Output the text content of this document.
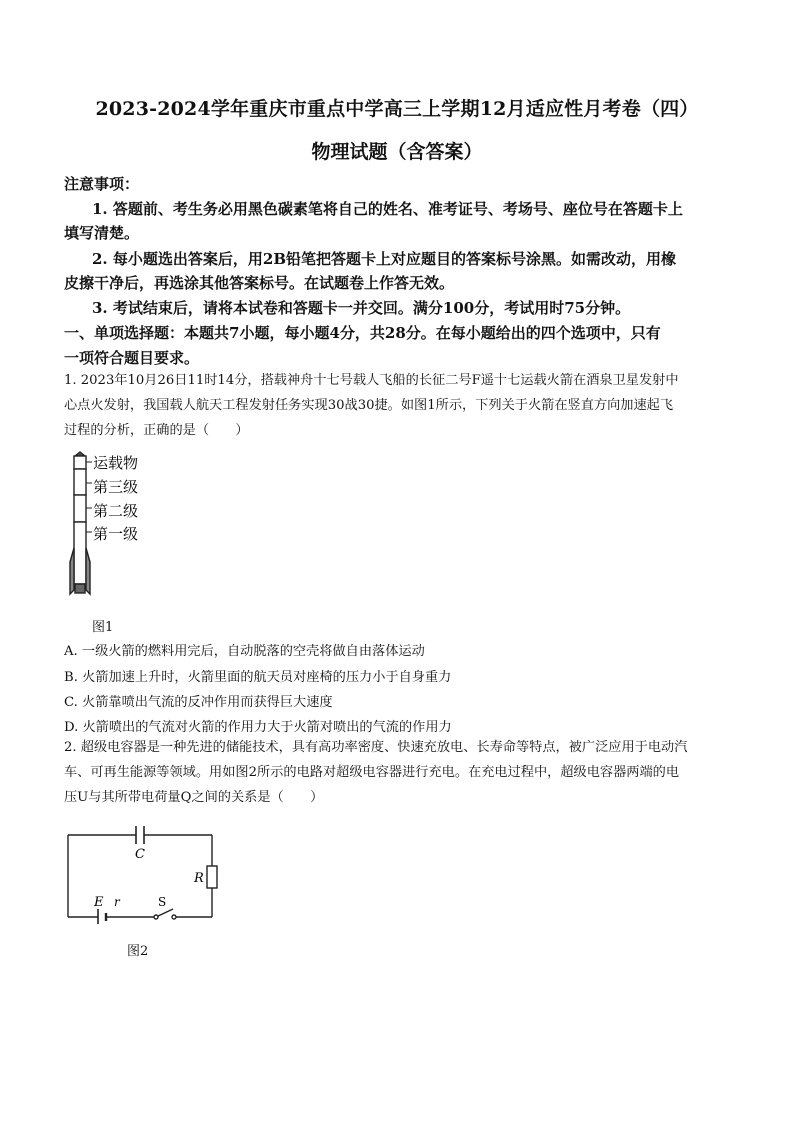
2023-2024学年重庆市重点中学高三上学期12月适应性月考卷（四）
物理试题（含答案）
注意事项：
1. 答题前、考生务必用黑色碳素笔将自己的姓名、准考证号、考场号、座位号在答题卡上
填写清楚。
2. 每小题选出答案后，用2B铅笔把答题卡上对应题目的答案标号涂黑。如需改动，用橡
皮擦干净后，再选涂其他答案标号。在试题卷上作答无效。
3. 考试结束后，请将本试卷和答题卡一并交回。满分100分，考试用时75分钟。
一、单项选择题：本题共7小题，每小题4分，共28分。在每小题给出的四个选项中，只有
一项符合题目要求。
1. 2023年10月26日11时14分，搭载神舟十七号载人飞船的长征二号F遥十七运载火箭在酒泉卫星发射中
心点火发射，我国载人航天工程发射任务实现30战30捷。如图1所示，下列关于火箭在竖直方向加速起飞
过程的分析，正确的是（　　）
运载物
第三级
第二级
第一级
图1
A. 一级火箭的燃料用完后，自动脱落的空壳将做自由落体运动
B. 火箭加速上升时，火箭里面的航天员对座椅的压力小于自身重力
C. 火箭靠喷出气流的反冲作用而获得巨大速度
D. 火箭喷出的气流对火箭的作用力大于火箭对喷出的气流的作用力
2. 超级电容器是一种先进的储能技术，具有高功率密度、快速充放电、长寿命等特点，被广泛应用于电动汽
车、可再生能源等领域。用如图2所示的电路对超级电容器进行充电。在充电过程中，超级电容器两端的电
压U与其所带电荷量Q之间的关系是（　　）
C
R
E r	S
图2
